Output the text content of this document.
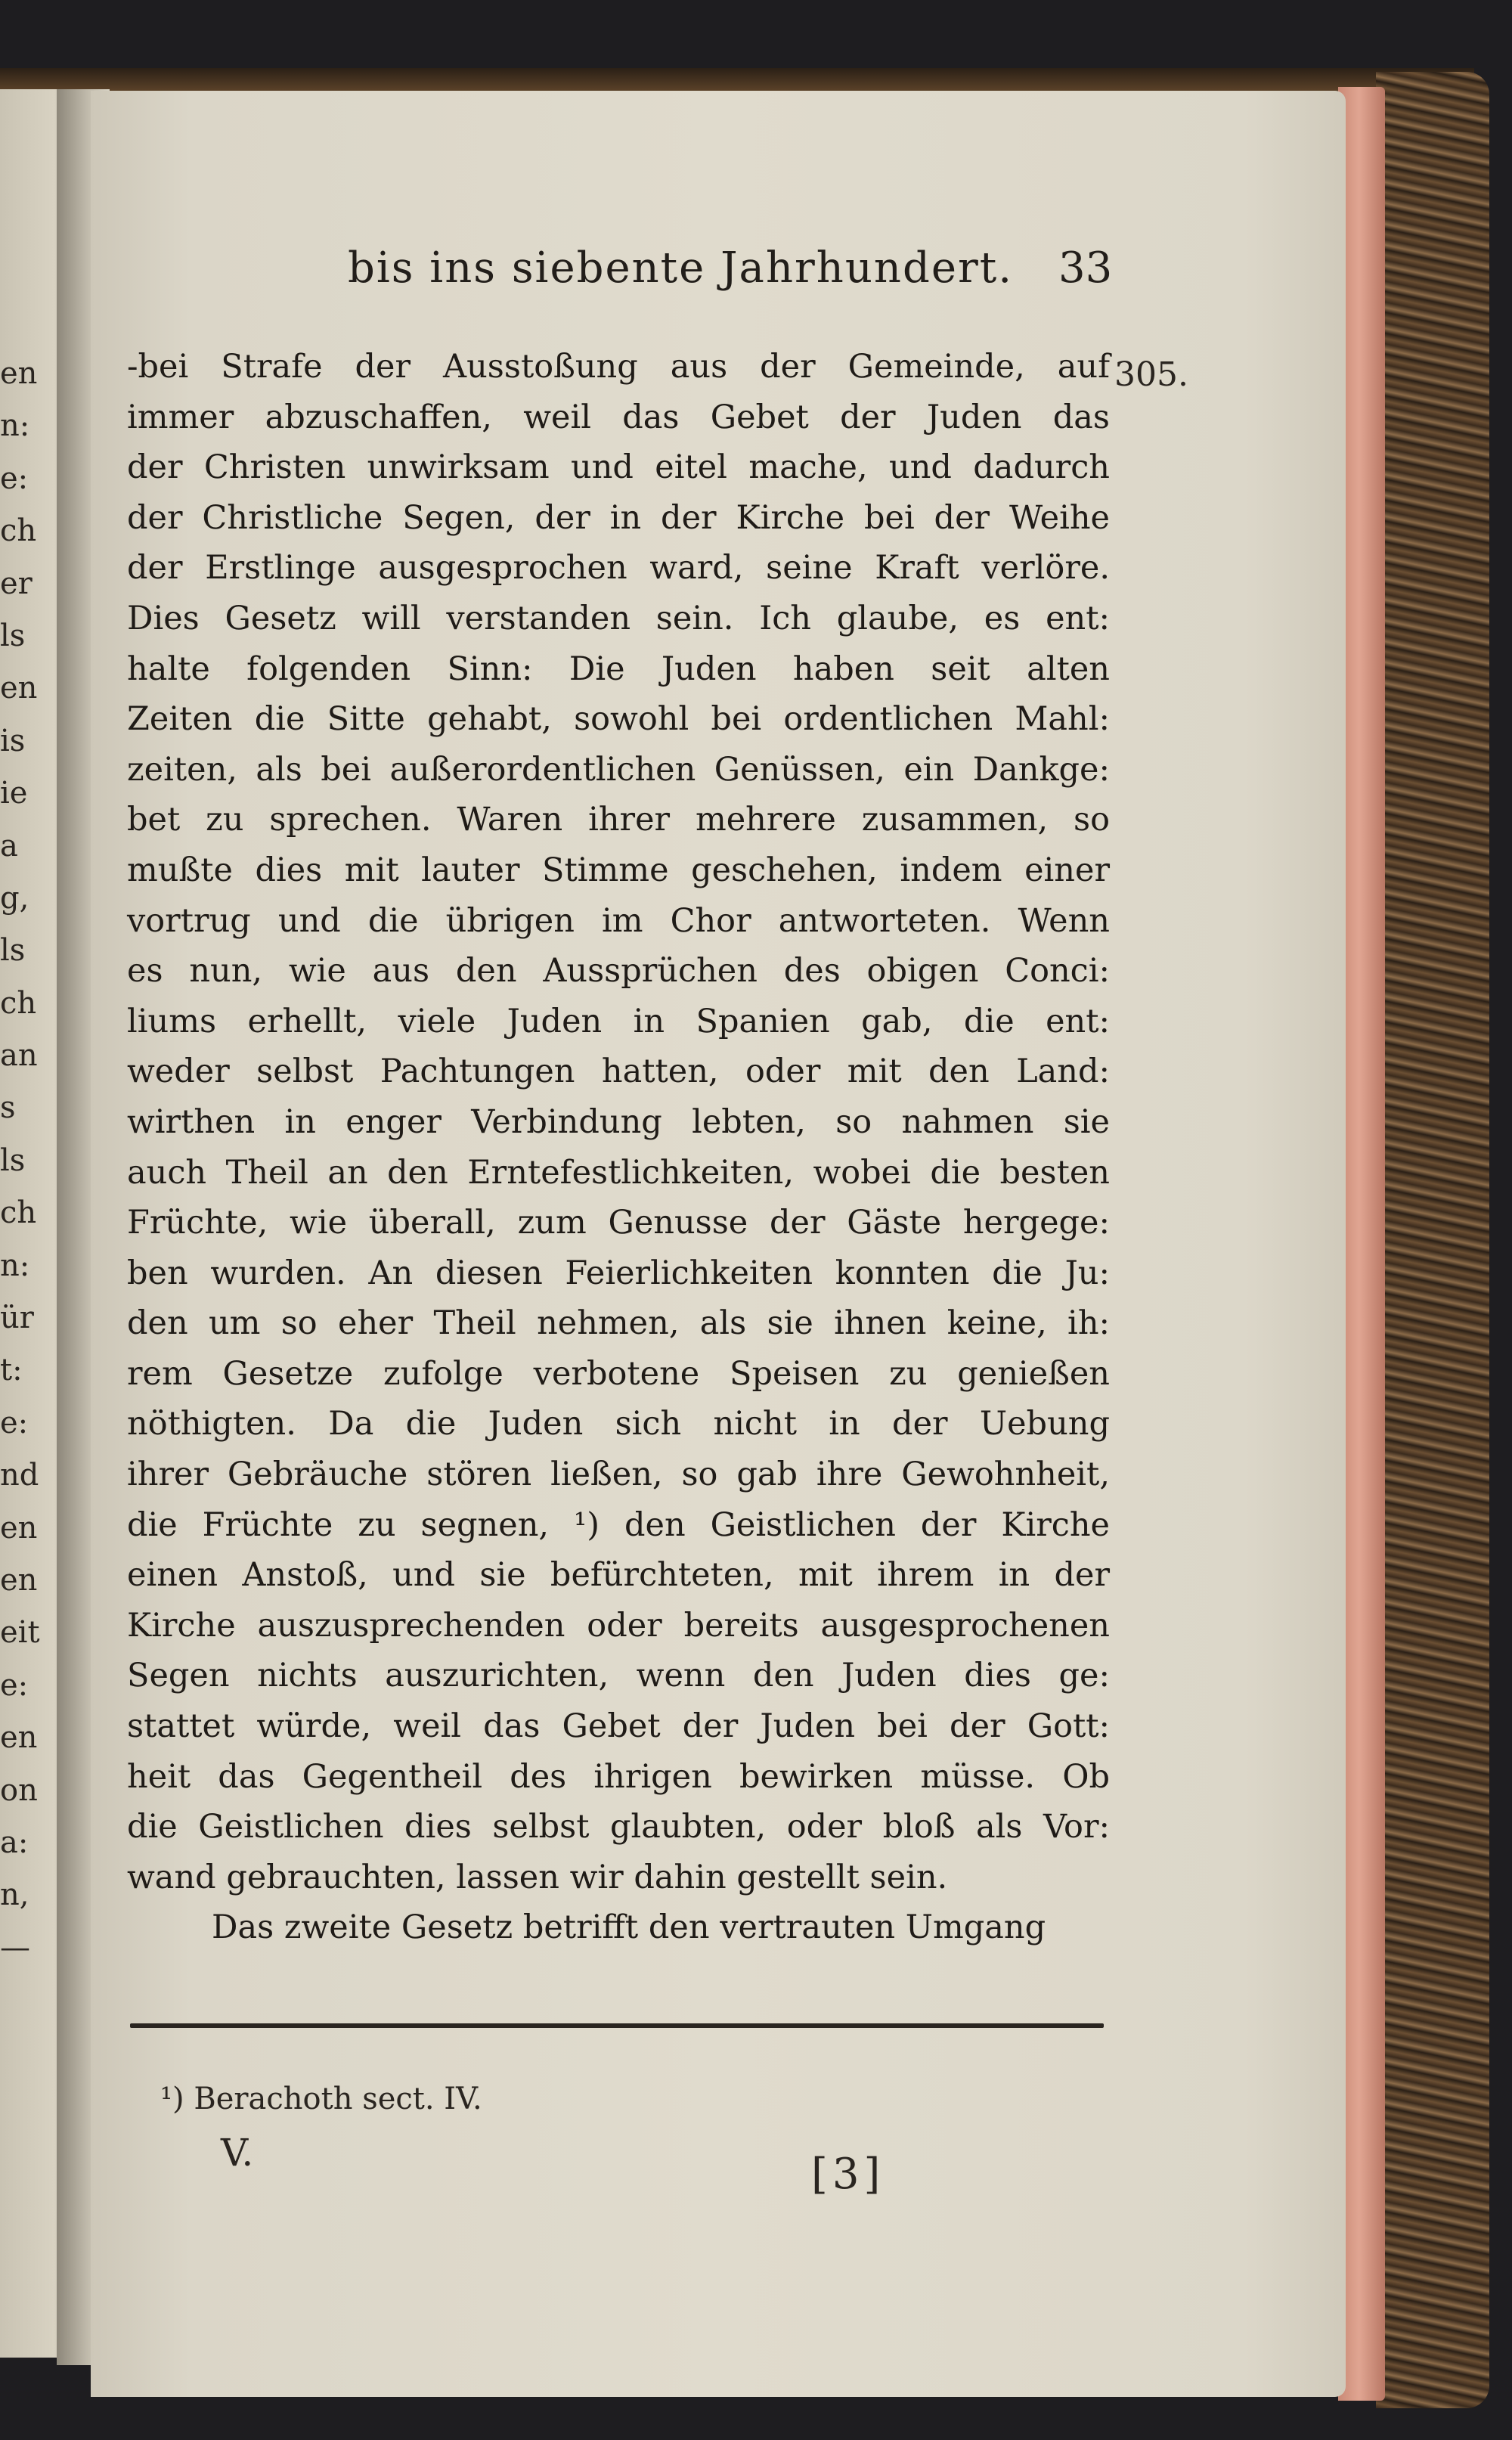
en
n:
e:
ch
er
ls
en
is
ie
a
g,
ls
ch
an
s
ls
ch
n:
ür
t:
e:
nd
en
en
eit
e:
en
on
a:
n,
—
bis ins siebente Jahrhundert. 33
305.
-bei Strafe der Ausstoßung aus der Gemeinde, auf
immer abzuschaffen, weil das Gebet der Juden das
der Christen unwirksam und eitel mache, und dadurch
der Christliche Segen, der in der Kirche bei der Weihe
der Erstlinge ausgesprochen ward, seine Kraft verlöre.
Dies Gesetz will verstanden sein. Ich glaube, es ent:
halte folgenden Sinn: Die Juden haben seit alten
Zeiten die Sitte gehabt, sowohl bei ordentlichen Mahl:
zeiten, als bei außerordentlichen Genüssen, ein Dankge:
bet zu sprechen. Waren ihrer mehrere zusammen, so
mußte dies mit lauter Stimme geschehen, indem einer
vortrug und die übrigen im Chor antworteten. Wenn
es nun, wie aus den Aussprüchen des obigen Conci:
liums erhellt, viele Juden in Spanien gab, die ent:
weder selbst Pachtungen hatten, oder mit den Land:
wirthen in enger Verbindung lebten, so nahmen sie
auch Theil an den Erntefestlichkeiten, wobei die besten
Früchte, wie überall, zum Genusse der Gäste hergege:
ben wurden. An diesen Feierlichkeiten konnten die Ju:
den um so eher Theil nehmen, als sie ihnen keine, ih:
rem Gesetze zufolge verbotene Speisen zu genießen
nöthigten. Da die Juden sich nicht in der Uebung
ihrer Gebräuche stören ließen, so gab ihre Gewohnheit,
die Früchte zu segnen, ¹) den Geistlichen der Kirche
einen Anstoß, und sie befürchteten, mit ihrem in der
Kirche auszusprechenden oder bereits ausgesprochenen
Segen nichts auszurichten, wenn den Juden dies ge:
stattet würde, weil das Gebet der Juden bei der Gott:
heit das Gegentheil des ihrigen bewirken müsse. Ob
die Geistlichen dies selbst glaubten, oder bloß als Vor:
wand gebrauchten, lassen wir dahin gestellt sein.
Das zweite Gesetz betrifft den vertrauten Umgang
¹) Berachoth sect. IV.
V.	[3]
